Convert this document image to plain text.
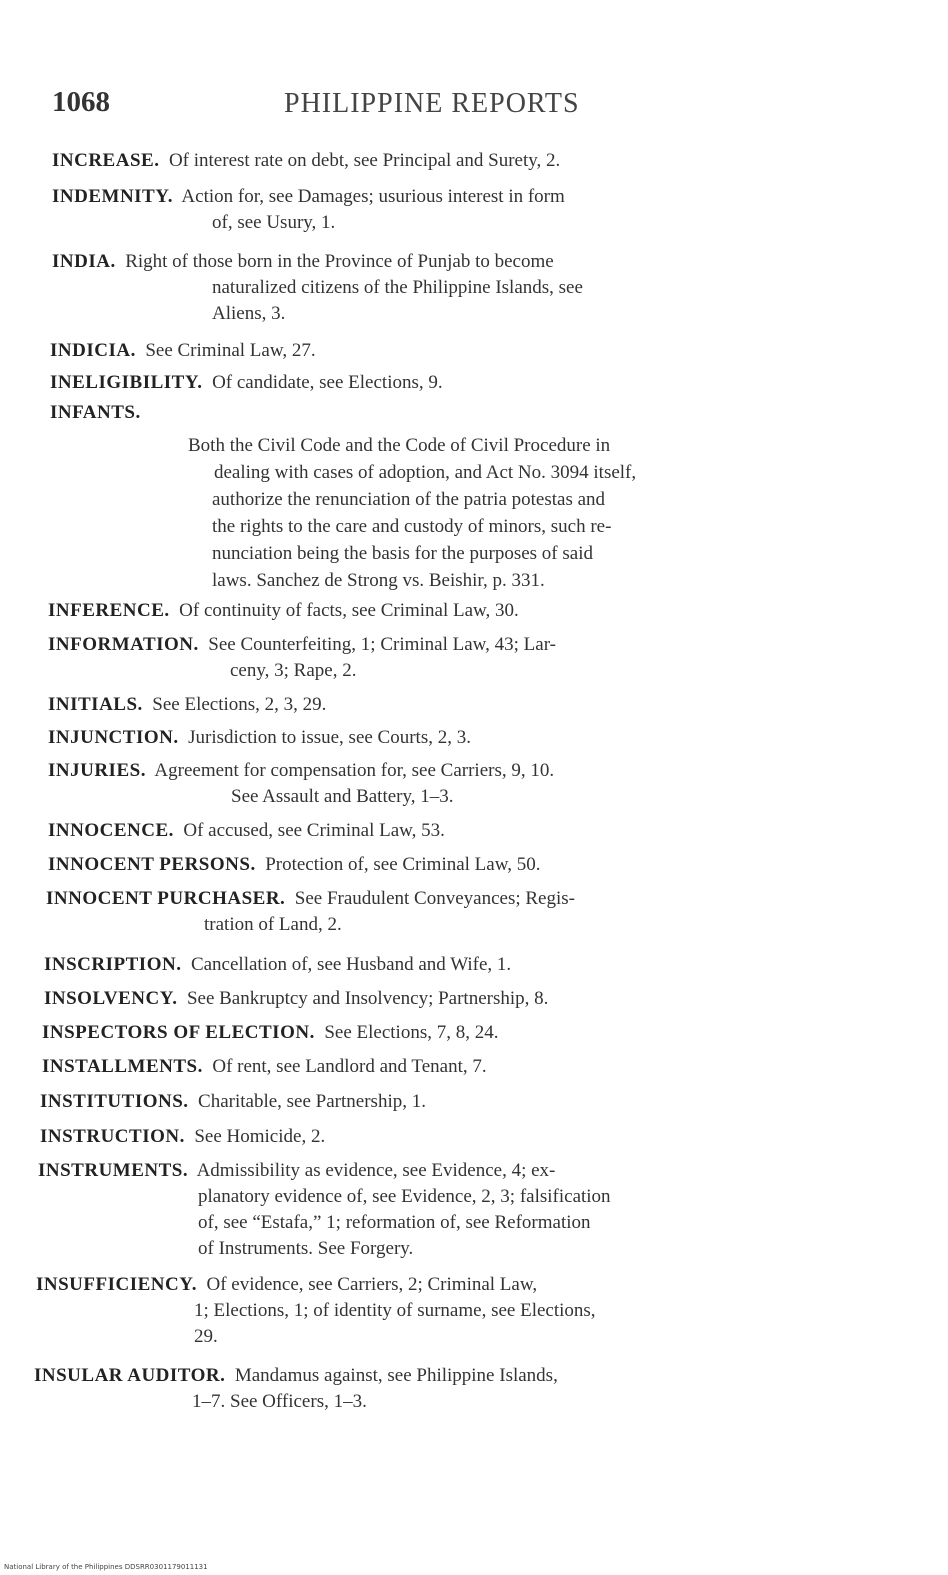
1068	PHILIPPINE REPORTS
INCREASE. Of interest rate on debt, see Principal and Surety, 2.
INDEMNITY. Action for, see Damages; usurious interest in form
of, see Usury, 1.
INDIA. Right of those born in the Province of Punjab to become
naturalized citizens of the Philippine Islands, see
Aliens, 3.
INDICIA. See Criminal Law, 27.
INELIGIBILITY. Of candidate, see Elections, 9.
INFANTS.
Both the Civil Code and the Code of Civil Procedure in
dealing with cases of adoption, and Act No. 3094 itself,
authorize the renunciation of the patria potestas and
the rights to the care and custody of minors, such re-
nunciation being the basis for the purposes of said
laws. Sanchez de Strong vs. Beishir, p. 331.
INFERENCE. Of continuity of facts, see Criminal Law, 30.
INFORMATION. See Counterfeiting, 1; Criminal Law, 43; Lar-
ceny, 3; Rape, 2.
INITIALS. See Elections, 2, 3, 29.
INJUNCTION. Jurisdiction to issue, see Courts, 2, 3.
INJURIES. Agreement for compensation for, see Carriers, 9, 10.
See Assault and Battery, 1–3.
INNOCENCE. Of accused, see Criminal Law, 53.
INNOCENT PERSONS. Protection of, see Criminal Law, 50.
INNOCENT PURCHASER. See Fraudulent Conveyances; Regis-
tration of Land, 2.
INSCRIPTION. Cancellation of, see Husband and Wife, 1.
INSOLVENCY. See Bankruptcy and Insolvency; Partnership, 8.
INSPECTORS OF ELECTION. See Elections, 7, 8, 24.
INSTALLMENTS. Of rent, see Landlord and Tenant, 7.
INSTITUTIONS. Charitable, see Partnership, 1.
INSTRUCTION. See Homicide, 2.
INSTRUMENTS. Admissibility as evidence, see Evidence, 4; ex-
planatory evidence of, see Evidence, 2, 3; falsification
of, see “Estafa,” 1; reformation of, see Reformation
of Instruments. See Forgery.
INSUFFICIENCY. Of evidence, see Carriers, 2; Criminal Law,
1; Elections, 1; of identity of surname, see Elections,
29.
INSULAR AUDITOR. Mandamus against, see Philippine Islands,
1–7. See Officers, 1–3.
National Library of the Philippines DDSRR0301179011131
